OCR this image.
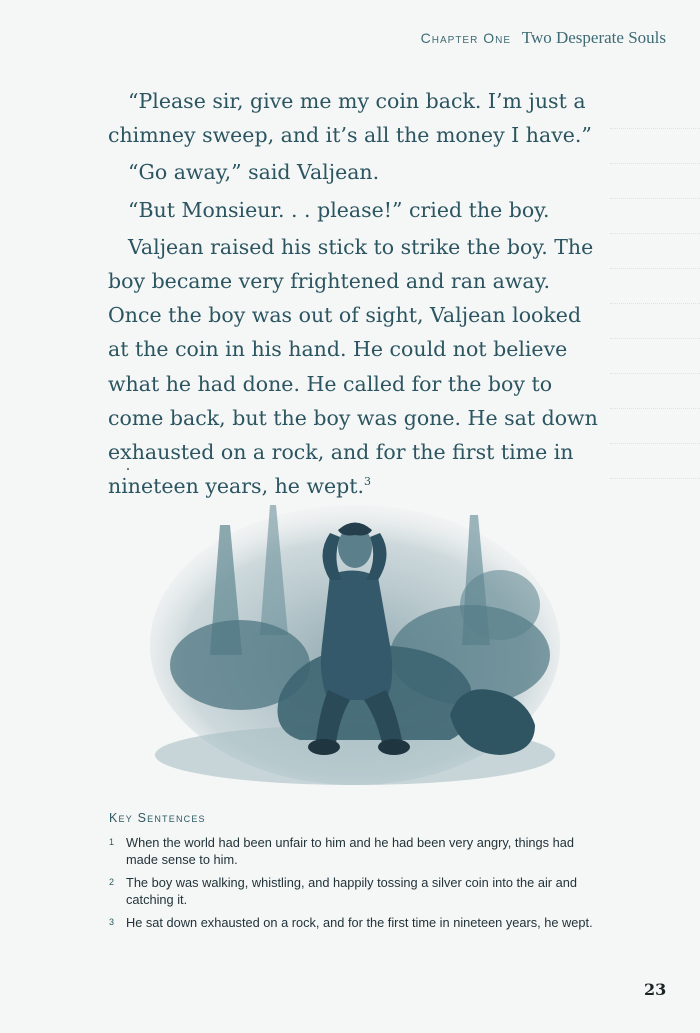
Chapter One Two Desperate Souls

“Please sir, give me my coin back. I’m just a chimney sweep, and it’s all the money I have.”

“Go away,” said Valjean.

“But Monsieur. . . please!” cried the boy.

Valjean raised his stick to strike the boy. The boy became very frightened and ran away. Once the boy was out of sight, Valjean looked at the coin in his hand. He could not believe what he had done. He called for the boy to come back, but the boy was gone. He sat down exhausted on a rock, and for the first time in nineteen years, he wept.$^3$

Key Sentences
1 When the world had been unfair to him and he had been very angry, things had made sense to him.
2 The boy was walking, whistling, and happily tossing a silver coin into the air and catching it.
3 He sat down exhausted on a rock, and for the first time in nineteen years, he wept.
23
